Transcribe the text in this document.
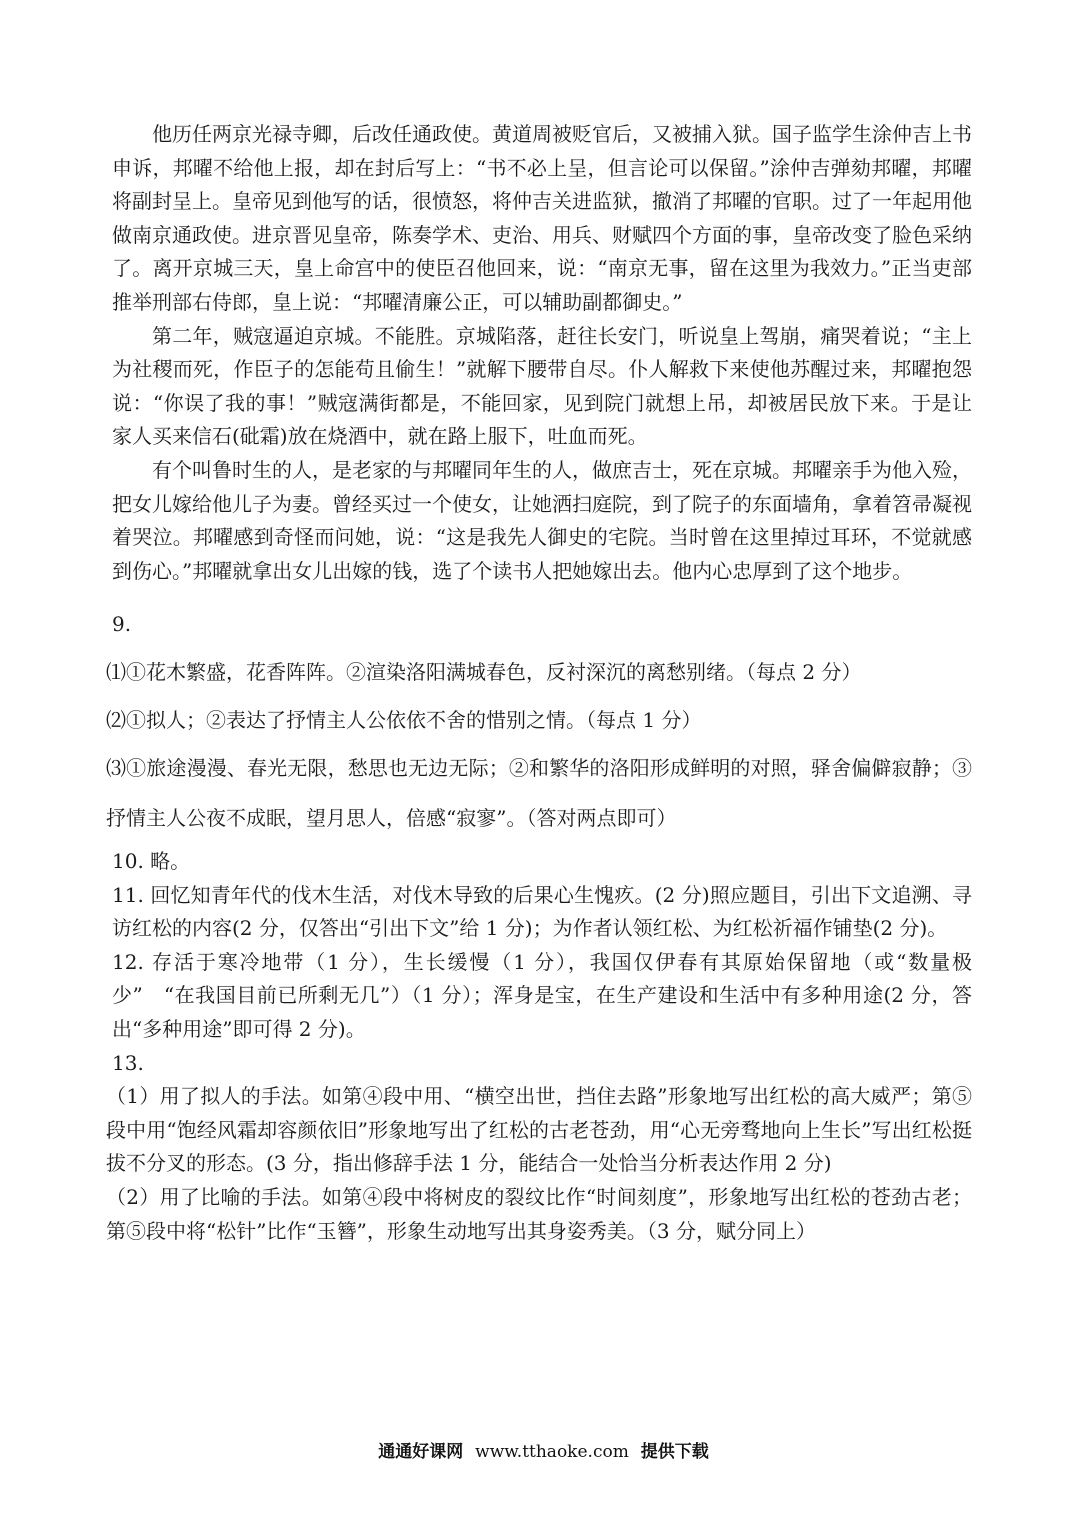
他历任两京光禄寺卿，后改任通政使。黄道周被贬官后，又被捕入狱。国子监学生涂仲吉上书申诉，邦曜不给他上报，却在封后写上：“书不必上呈，但言论可以保留。”涂仲吉弹劾邦曜，邦曜将副封呈上。皇帝见到他写的话，很愤怒，将仲吉关进监狱，撤消了邦曜的官职。过了一年起用他做南京通政使。进京晋见皇帝，陈奏学术、吏治、用兵、财赋四个方面的事，皇帝改变了脸色采纳了。离开京城三天，皇上命宫中的使臣召他回来，说：“南京无事，留在这里为我效力。”正当吏部推举刑部右侍郎，皇上说：“邦曜清廉公正，可以辅助副都御史。”

第二年，贼寇逼迫京城。不能胜。京城陷落，赶往长安门，听说皇上驾崩，痛哭着说；“主上为社稷而死，作臣子的怎能苟且偷生！”就解下腰带自尽。仆人解救下来使他苏醒过来，邦曜抱怨说：“你误了我的事！”贼寇满街都是，不能回家，见到院门就想上吊，却被居民放下来。于是让家人买来信石(砒霜)放在烧酒中，就在路上服下，吐血而死。

有个叫鲁时生的人，是老家的与邦曜同年生的人，做庶吉士，死在京城。邦曜亲手为他入殓，把女儿嫁给他儿子为妻。曾经买过一个使女，让她洒扫庭院，到了院子的东面墙角，拿着笤帚凝视着哭泣。邦曜感到奇怪而问她，说：“这是我先人御史的宅院。当时曾在这里掉过耳环，不觉就感到伤心。”邦曜就拿出女儿出嫁的钱，选了个读书人把她嫁出去。他内心忠厚到了这个地步。

9.

⑴①花木繁盛，花香阵阵。②渲染洛阳满城春色，反衬深沉的离愁别绪。（每点 2 分）

⑵①拟人；②表达了抒情主人公依依不舍的惜别之情。（每点 1 分）

⑶①旅途漫漫、春光无限，愁思也无边无际；②和繁华的洛阳形成鲜明的对照，驿舍偏僻寂静；③抒情主人公夜不成眠，望月思人，倍感“寂寥”。（答对两点即可）

10. 略。

11. 回忆知青年代的伐木生活，对伐木导致的后果心生愧疚。(2 分)照应题目，引出下文追溯、寻访红松的内容(2 分，仅答出“引出下文”给 1 分)；为作者认领红松、为红松祈福作铺垫(2 分)。

12. 存活于寒冷地带（1 分），生长缓慢（1 分），我国仅伊春有其原始保留地（或“数量极少”　“在我国目前已所剩无几”）（1 分）；浑身是宝，在生产建设和生活中有多种用途(2 分，答出“多种用途”即可得 2 分)。

13.

（1）用了拟人的手法。如第④段中用、“横空出世，挡住去路”形象地写出红松的高大威严；第⑤段中用“饱经风霜却容颜依旧”形象地写出了红松的古老苍劲，用“心无旁骛地向上生长”写出红松挺拔不分叉的形态。(3 分，指出修辞手法 1 分，能结合一处恰当分析表达作用 2 分)

（2）用了比喻的手法。如第④段中将树皮的裂纹比作“时间刻度”，形象地写出红松的苍劲古老；第⑤段中将“松针”比作“玉簪”，形象生动地写出其身姿秀美。（3 分，赋分同上）

通通好课网 www.tthaoke.com 提供下载
